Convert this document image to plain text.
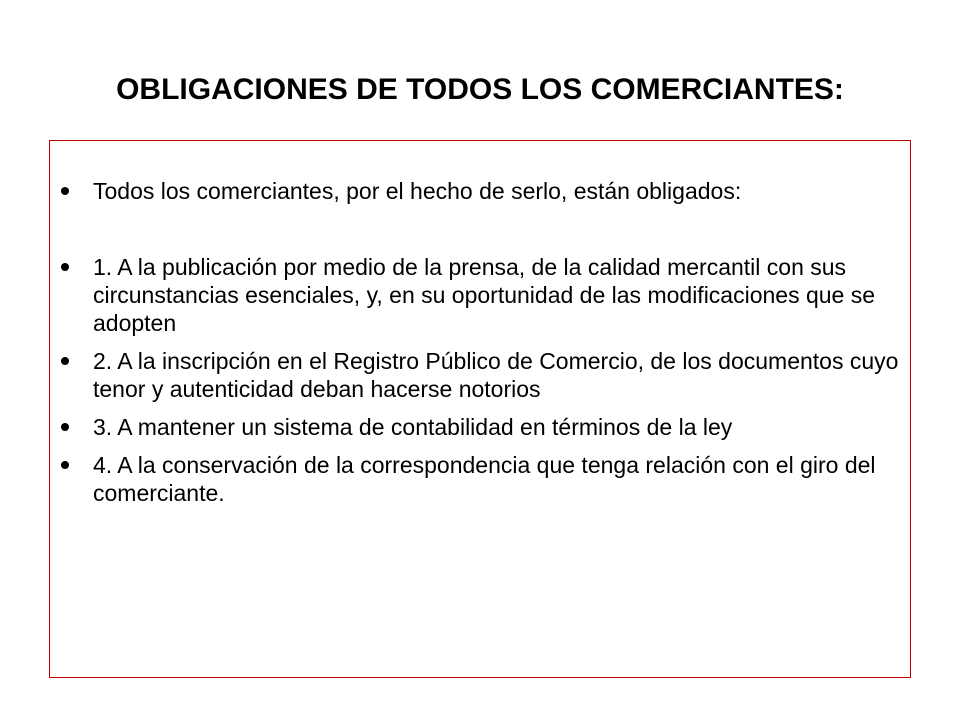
OBLIGACIONES DE TODOS LOS COMERCIANTES:
Todos los comerciantes, por el hecho de serlo, están obligados:
1. A la publicación por medio de la prensa, de la calidad mercantil con sus circunstancias esenciales, y, en su oportunidad de las modificaciones que se adopten
2. A la inscripción en el Registro Público de Comercio, de los documentos cuyo tenor y autenticidad deban hacerse notorios
3. A mantener un sistema de contabilidad en términos de la ley
4. A la conservación de la correspondencia que tenga relación con el giro del comerciante.
